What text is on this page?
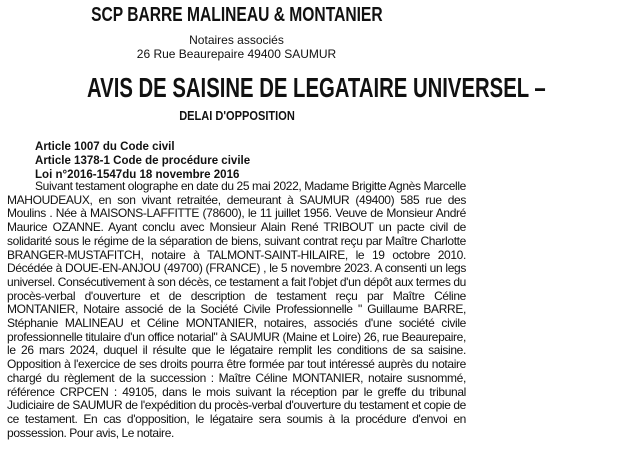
SCP BARRE MALINEAU & MONTANIER
Notaires associés
26 Rue Beaurepaire 49400 SAUMUR
AVIS DE SAISINE DE LEGATAIRE UNIVERSEL –
DELAI D'OPPOSITION
Article 1007 du Code civil
Article 1378-1 Code de procédure civile
Loi n°2016-1547du 18 novembre 2016

Suivant testament olographe en date du 25 mai 2022, Madame Brigitte Agnès Marcelle MAHOUDEAUX, en son vivant retraitée, demeurant à SAUMUR (49400) 585 rue des Moulins . Née à MAISONS-LAFFITTE (78600), le 11 juillet 1956. Veuve de Monsieur André Maurice OZANNE. Ayant conclu avec Monsieur Alain René TRIBOUT un pacte civil de solidarité sous le régime de la séparation de biens, suivant contrat reçu par Maître Charlotte BRANGER-MUSTAFITCH, notaire à TALMONT-SAINT-HILAIRE, le 19 octobre 2010. Décédée à DOUE-EN-ANJOU (49700) (FRANCE) , le 5 novembre 2023. A consenti un legs universel. Consécutivement à son décès, ce testament a fait l'objet d'un dépôt aux termes du procès-verbal d'ouverture et de description de testament reçu par Maître Céline MONTANIER, Notaire associé de la Société Civile Professionnelle " Guillaume BARRE, Stéphanie MALINEAU et Céline MONTANIER, notaires, associés d'une société civile professionnelle titulaire d'un office notarial" à SAUMUR (Maine et Loire) 26, rue Beaurepaire, le 26 mars 2024, duquel il résulte que le légataire remplit les conditions de sa saisine. Opposition à l'exercice de ses droits pourra être formée par tout intéressé auprès du notaire chargé du règlement de la succession : Maître Céline MONTANIER, notaire susnommé, référence CRPCEN : 49105, dans le mois suivant la réception par le greffe du tribunal Judiciaire de SAUMUR de l'expédition du procès-verbal d'ouverture du testament et copie de ce testament. En cas d'opposition, le légataire sera soumis à la procédure d'envoi en possession. Pour avis, Le notaire.
